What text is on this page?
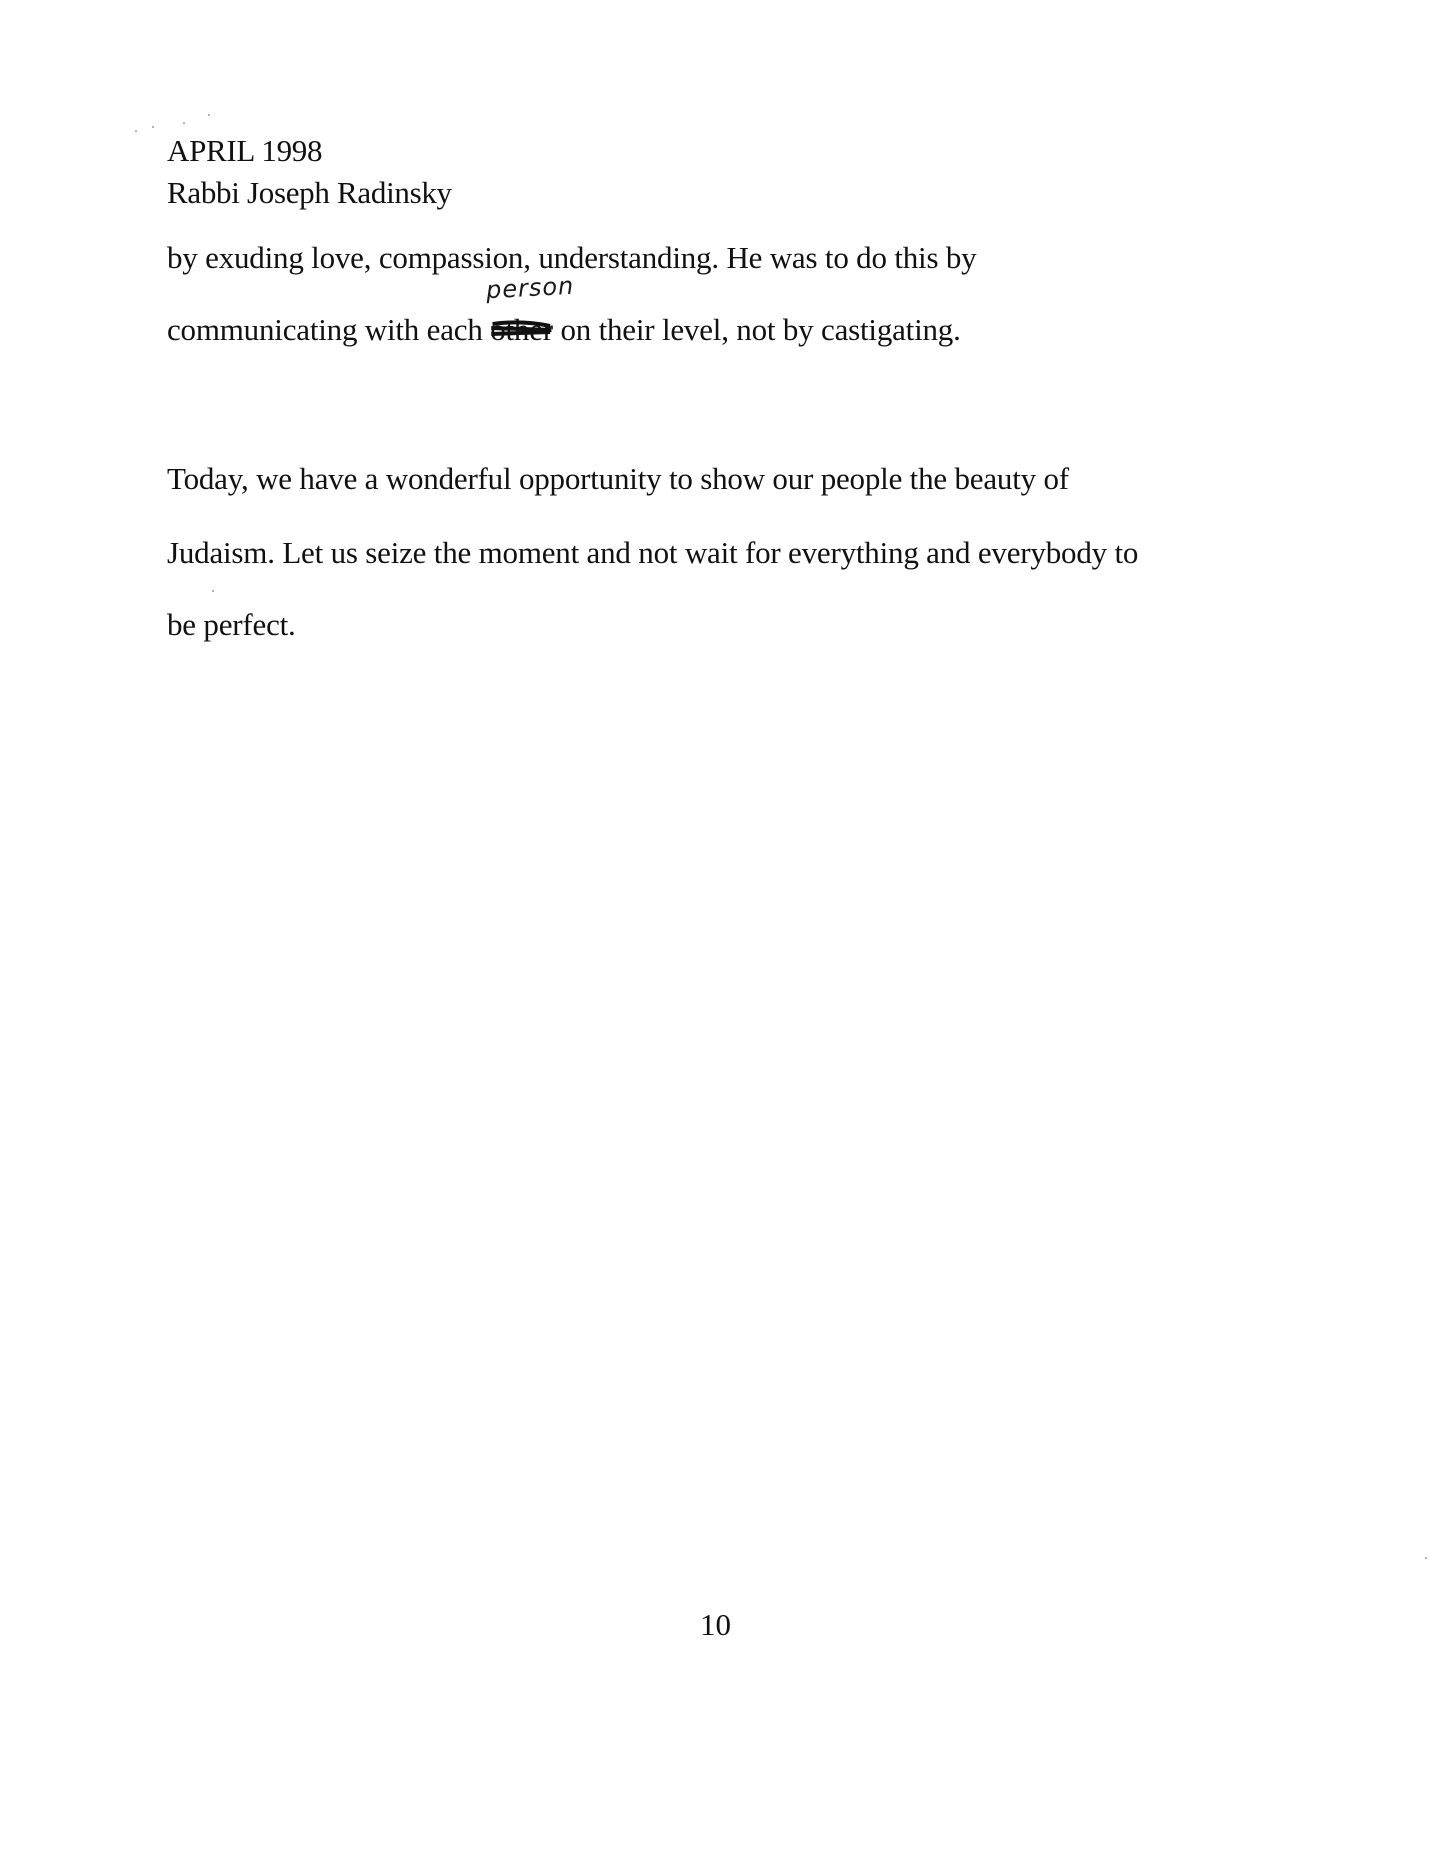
APRIL 1998
Rabbi Joseph Radinsky
by exuding love, compassion, understanding. He was to do this by
communicating with each other
person
on their level, not by castigating.
Today, we have a wonderful opportunity to show our people the beauty of
Judaism. Let us seize the moment and not wait for everything and everybody to
be perfect.
10
